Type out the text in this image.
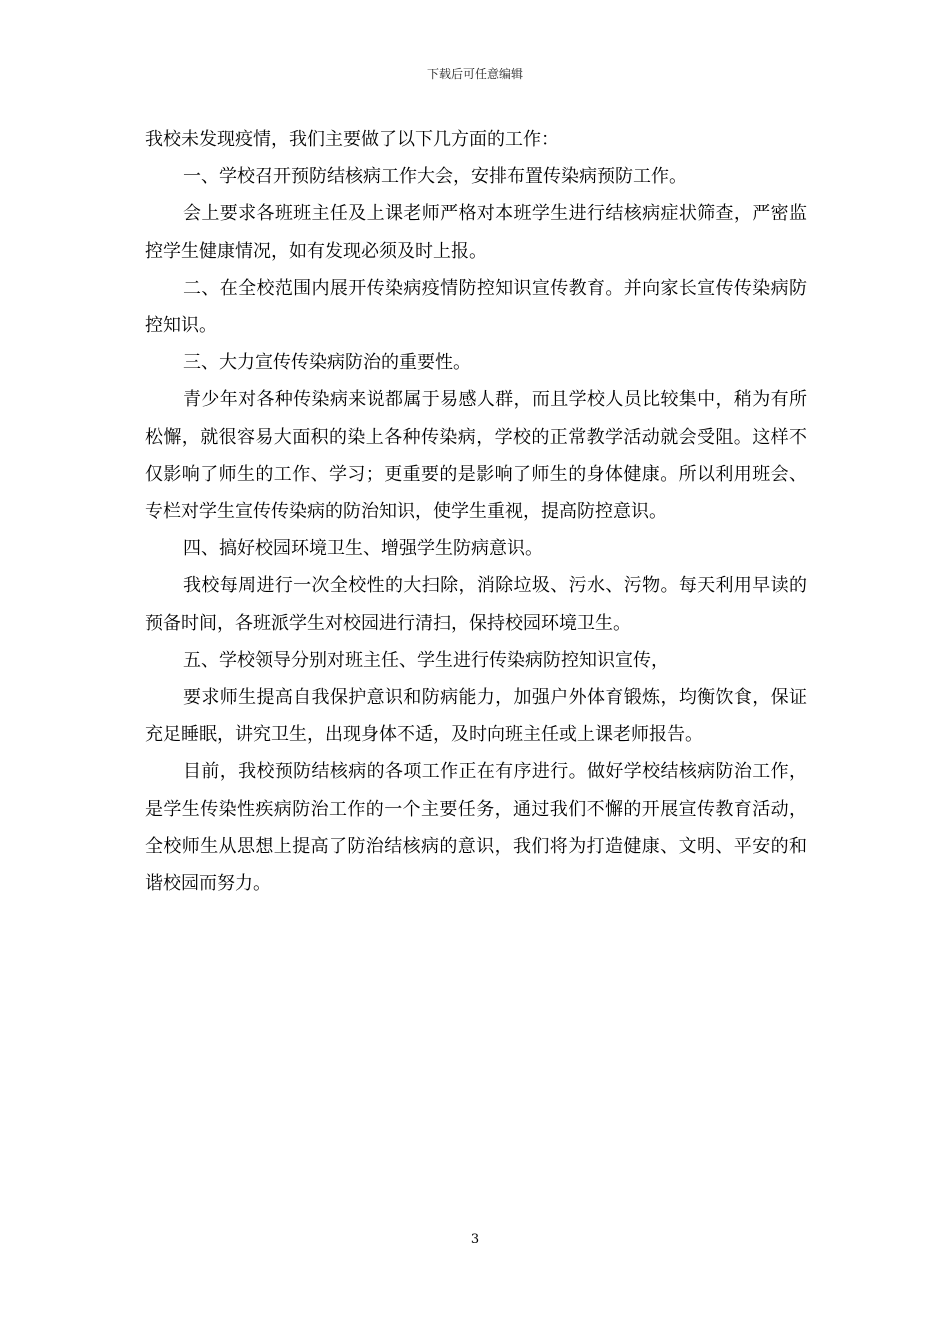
下载后可任意编辑

我校未发现疫情，我们主要做了以下几方面的工作：

一、学校召开预防结核病工作大会，安排布置传染病预防工作。

会上要求各班班主任及上课老师严格对本班学生进行结核病症状筛查，严密监控学生健康情况，如有发现必须及时上报。

二、在全校范围内展开传染病疫情防控知识宣传教育。并向家长宣传传染病防控知识。

三、大力宣传传染病防治的重要性。

青少年对各种传染病来说都属于易感人群，而且学校人员比较集中，稍为有所松懈，就很容易大面积的染上各种传染病，学校的正常教学活动就会受阻。这样不仅影响了师生的工作、学习；更重要的是影响了师生的身体健康。所以利用班会、专栏对学生宣传传染病的防治知识，使学生重视，提高防控意识。

四、搞好校园环境卫生、增强学生防病意识。

我校每周进行一次全校性的大扫除，消除垃圾、污水、污物。每天利用早读的预备时间，各班派学生对校园进行清扫，保持校园环境卫生。

五、学校领导分别对班主任、学生进行传染病防控知识宣传，

要求师生提高自我保护意识和防病能力，加强户外体育锻炼，均衡饮食，保证充足睡眠，讲究卫生，出现身体不适，及时向班主任或上课老师报告。

目前，我校预防结核病的各项工作正在有序进行。做好学校结核病防治工作，是学生传染性疾病防治工作的一个主要任务，通过我们不懈的开展宣传教育活动，全校师生从思想上提高了防治结核病的意识，我们将为打造健康、文明、平安的和谐校园而努力。

3
